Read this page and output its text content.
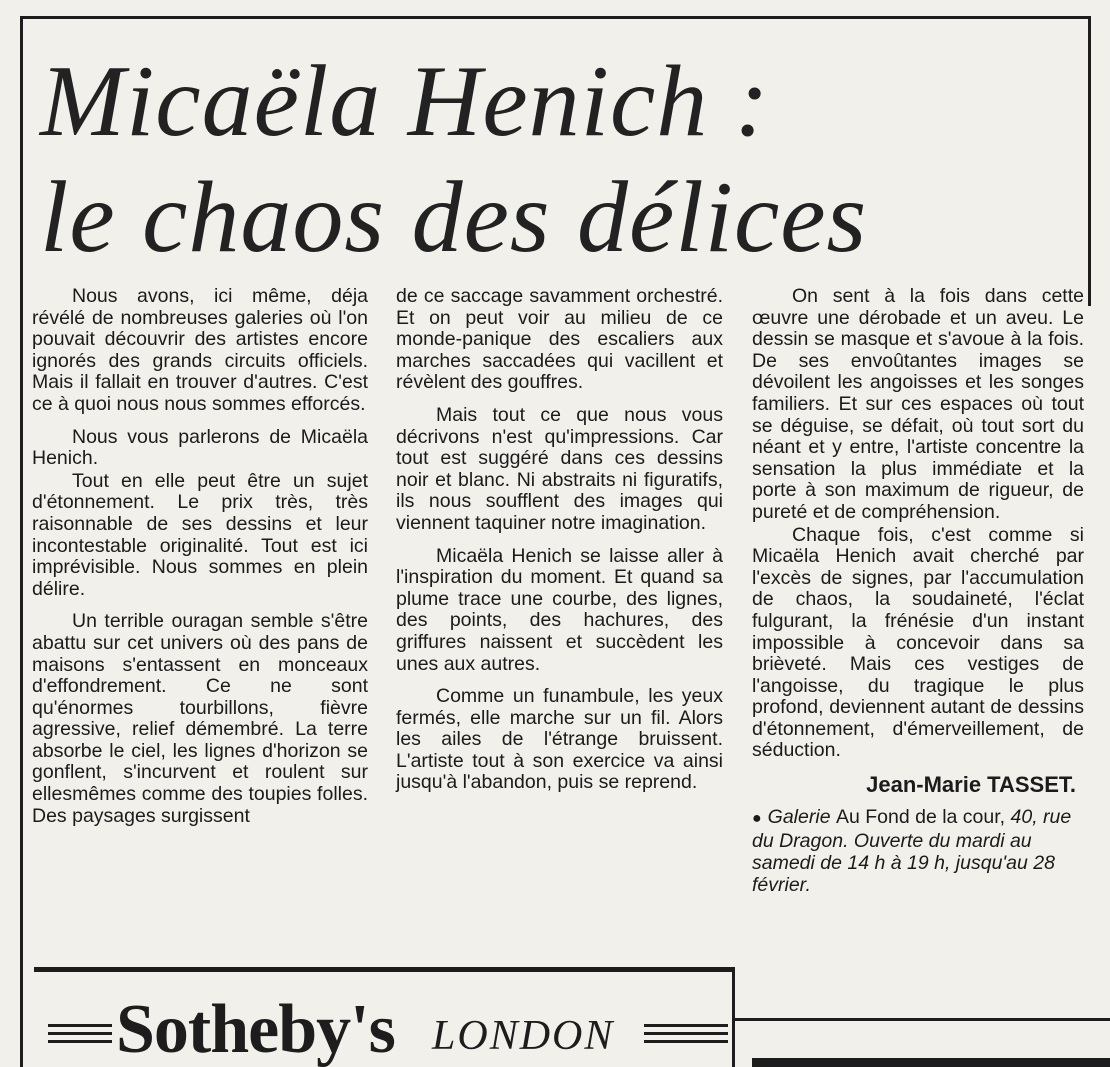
Micaëla Henich :
le chaos des délices

Nous avons, ici même, déja révélé de nombreuses galeries où l'on pouvait découvrir des artistes encore ignorés des grands circuits officiels. Mais il fallait en trouver d'autres. C'est ce à quoi nous nous sommes efforcés.

Nous vous parlerons de Micaëla Henich.

Tout en elle peut être un sujet d'étonnement. Le prix très, très raisonnable de ses dessins et leur incontestable originalité. Tout est ici imprévisible. Nous sommes en plein délire.

Un terrible ouragan semble s'être abattu sur cet univers où des pans de maisons s'entassent en monceaux d'effondrement. Ce ne sont qu'énormes tourbillons, fièvre agressive, relief démembré. La terre absorbe le ciel, les lignes d'horizon se gonflent, s'incurvent et roulent sur ellesmêmes comme des toupies folles. Des paysages surgissent

de ce saccage savamment orchestré. Et on peut voir au milieu de ce monde-panique des escaliers aux marches saccadées qui vacillent et révèlent des gouffres.

Mais tout ce que nous vous décrivons n'est qu'impressions. Car tout est suggéré dans ces dessins noir et blanc. Ni abstraits ni figuratifs, ils nous soufflent des images qui viennent taquiner notre imagination.

Micaëla Henich se laisse aller à l'inspiration du moment. Et quand sa plume trace une courbe, des lignes, des points, des hachures, des griffures naissent et succèdent les unes aux autres.

Comme un funambule, les yeux fermés, elle marche sur un fil. Alors les ailes de l'étrange bruissent. L'artiste tout à son exercice va ainsi jusqu'à l'abandon, puis se reprend.

On sent à la fois dans cette œuvre une dérobade et un aveu. Le dessin se masque et s'avoue à la fois. De ses envoûtantes images se dévoilent les angoisses et les songes familiers. Et sur ces espaces où tout se déguise, se défait, où tout sort du néant et y entre, l'artiste concentre la sensation la plus immédiate et la porte à son maximum de rigueur, de pureté et de compréhension.

Chaque fois, c'est comme si Micaëla Henich avait cherché par l'excès de signes, par l'accumulation de chaos, la soudaineté, l'éclat fulgurant, la frénésie d'un instant impossible à concevoir dans sa brièveté. Mais ces vestiges de l'angoisse, du tragique le plus profond, deviennent autant de dessins d'étonnement, d'émerveillement, de séduction.

Jean-Marie TASSET.

● Galerie Au Fond de la cour, 40, rue du Dragon. Ouverte du mardi au samedi de 14 h à 19 h, jusqu'au 28 février.

Sotheby's LONDON
